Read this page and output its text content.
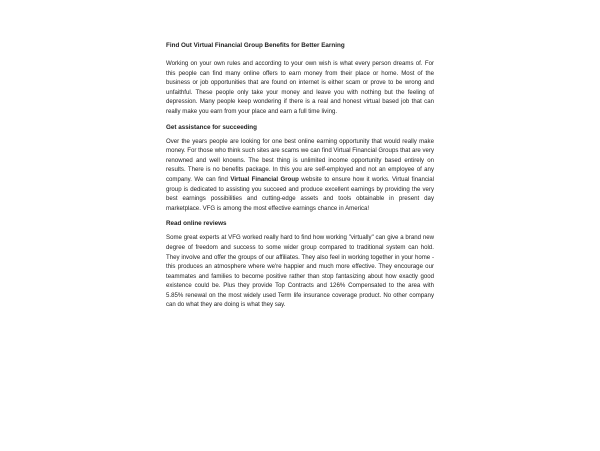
Find Out Virtual Financial Group Benefits for Better Earning

Working on your own rules and according to your own wish is what every person dreams of. For this people can find many online offers to earn money from their place or home. Most of the business or job opportunities that are found on internet is either scam or prove to be wrong and unfaithful. These people only take your money and leave you with nothing but the feeling of depression. Many people keep wondering if there is a real and honest virtual based job that can really make you earn from your place and earn a full time living.

Get assistance for succeeding

Over the years people are looking for one best online earning opportunity that would really make money. For those who think such sites are scams we can find Virtual Financial Groups that are very renowned and well knowns. The best thing is unlimited income opportunity based entirely on results. There is no benefits package. In this you are self-employed and not an employee of any company. We can find Virtual Financial Group website to ensure how it works. Virtual financial group is dedicated to assisting you succeed and produce excellent earnings by providing the very best earnings possibilities and cutting-edge assets and tools obtainable in present day marketplace. VFG is among the most effective earnings chance in America!

Read online reviews

Some great experts at VFG worked really hard to find how working "virtually" can give a brand new degree of freedom and success to some wider group compared to traditional system can hold. They involve and offer the groups of our affiliates. They also feel in working together in your home - this produces an atmosphere where we're happier and much more effective. They encourage our teammates and families to become positive rather than stop fantasizing about how exactly good existence could be. Plus they provide Top Contracts and 126% Compensated to the area with 5.85% renewal on the most widely used Term life insurance coverage product. No other company can do what they are doing is what they say.
